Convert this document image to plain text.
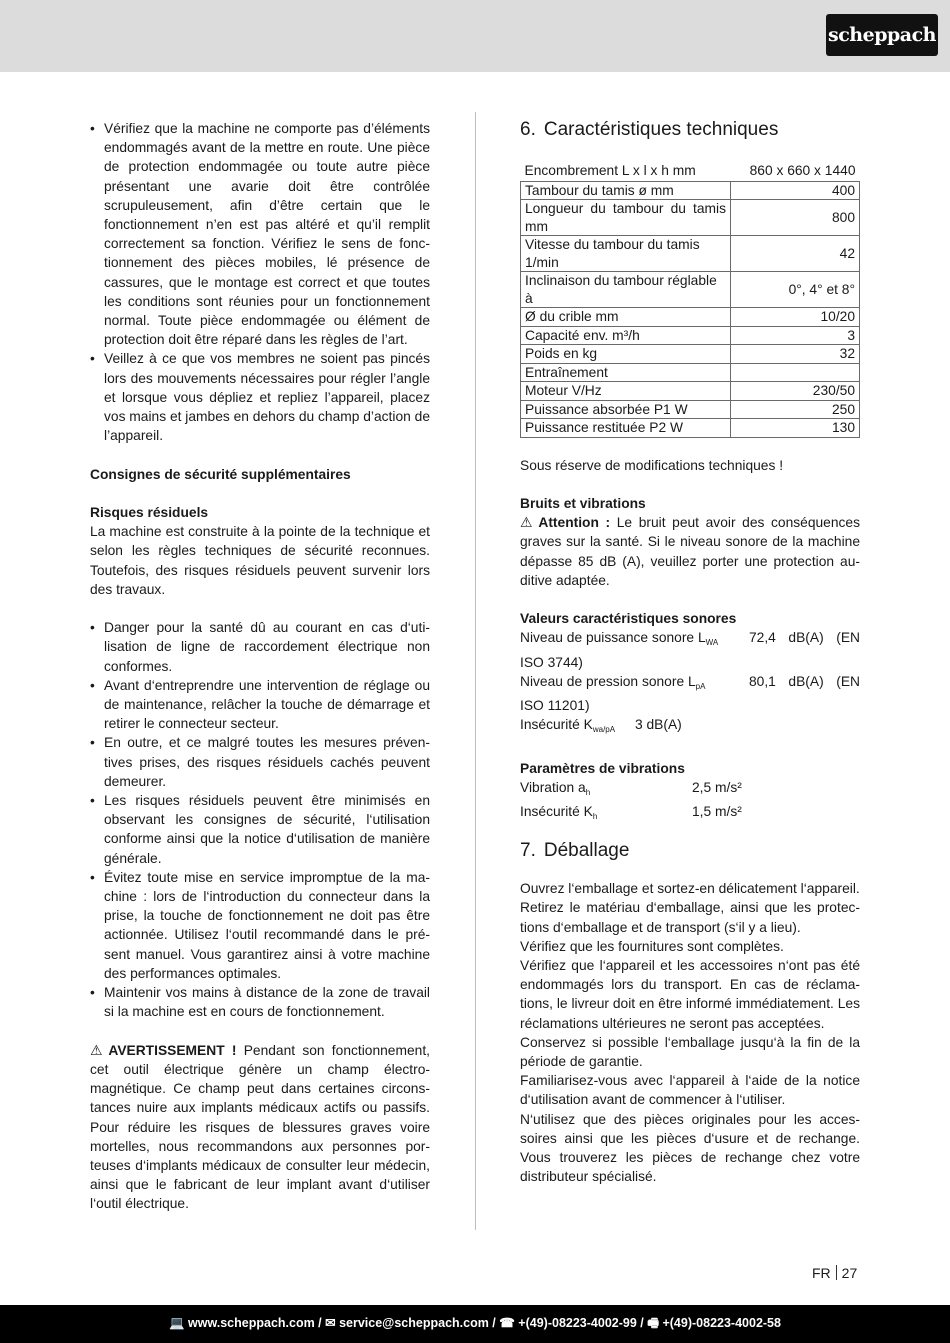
scheppach
• Vérifiez que la machine ne comporte pas d’éléments endommagés avant de la mettre en route. Une pièce de protection endommagée ou toute autre pièce présentant une avarie doit être contrôlée scrupuleusement, afin d’être certain que le fonctionnement n’en est pas altéré et qu’il remplit correctement sa fonction. Vérifiez le sens de fonctionnement des pièces mobiles, lé présence de cassures, que le montage est correct et que toutes les conditions sont réunies pour un fonctionnement normal. Toute pièce endommagée ou élément de protection doit être réparé dans les règles de l’art.
• Veillez à ce que vos membres ne soient pas pincés lors des mouvements nécessaires pour régler l’angle et lorsque vous dépliez et repliez l’appareil, placez vos mains et jambes en dehors du champ d’action de l’appareil.

Consignes de sécurité supplémentaires

Risques résiduels

La machine est construite à la pointe de la technique et selon les règles techniques de sécurité reconnues. Toutefois, des risques résiduels peuvent survenir lors des travaux.

• Danger pour la santé dû au courant en cas d‘utilisation de ligne de raccordement électrique non conformes.
• Avant d‘entreprendre une intervention de réglage ou de maintenance, relâcher la touche de démarrage et retirer le connecteur secteur.
• En outre, et ce malgré toutes les mesures préventives prises, des risques résiduels cachés peuvent demeurer.
• Les risques résiduels peuvent être minimisés en observant les consignes de sécurité, l‘utilisation conforme ainsi que la notice d‘utilisation de manière générale.
• Évitez toute mise en service impromptue de la machine : lors de l‘introduction du connecteur dans la prise, la touche de fonctionnement ne doit pas être actionnée. Utilisez l‘outil recommandé dans le présent manuel. Vous garantirez ainsi à votre machine des performances optimales.
• Maintenir vos mains à distance de la zone de travail si la machine est en cours de fonctionnement.

⚠ AVERTISSEMENT ! Pendant son fonctionnement, cet outil électrique génère un champ électromagnétique. Ce champ peut dans certaines circonstances nuire aux implants médicaux actifs ou passifs. Pour réduire les risques de blessures graves voire mortelles, nous recommandons aux personnes porteuses d‘implants médicaux de consulter leur médecin, ainsi que le fabricant de leur implant avant d‘utiliser l‘outil électrique.

6. Caractéristiques techniques
Encombrement L x l x h mm	860 x 660 x 1440
Tambour du tamis ø mm	400
Longueur du tambour du tamis mm	800
Vitesse du tambour du tamis 1/min	42
Inclinaison du tambour réglable à	0°, 4° et 8°
Ø du crible mm	10/20
Capacité env. m³/h	3
Poids en kg	32
Entraînement	
Moteur V/Hz	230/50
Puissance absorbée P1 W	250
Puissance restituée P2 W	130

Sous réserve de modifications techniques !

Bruits et vibrations

⚠ Attention : Le bruit peut avoir des conséquences graves sur la santé. Si le niveau sonore de la machine dépasse 85 dB (A), veuillez porter une protection auditive adaptée.

Valeurs caractéristiques sonores

Niveau de puissance sonore $L_{WA}$	72,4 dB(A) (EN

ISO 3744)

Niveau de pression sonore $L_{pA}$	80,1 dB(A) (EN

ISO 11201)

Insécurité $K_{wa/pA}$	3 dB(A)

Paramètres de vibrations

Vibration $a_h$	2,5 m/s²
Insécurité $K_h$	1,5 m/s²
7. Déballage

Ouvrez l‘emballage et sortez-en délicatement l‘appareil.

Retirez le matériau d‘emballage, ainsi que les protections d‘emballage et de transport (s‘il y a lieu).

Vérifiez que les fournitures sont complètes.

Vérifiez que l‘appareil et les accessoires n‘ont pas été endommagés lors du transport. En cas de réclamations, le livreur doit en être informé immédiatement. Les réclamations ultérieures ne seront pas acceptées.

Conservez si possible l‘emballage jusqu‘à la fin de la période de garantie.

Familiarisez-vous avec l‘appareil à l‘aide de la notice d‘utilisation avant de commencer à l‘utiliser.

N‘utilisez que des pièces originales pour les accessoires ainsi que les pièces d‘usure et de rechange. Vous trouverez les pièces de rechange chez votre distributeur spécialisé.

FR 27
💻 www.scheppach.com / ✉ service@scheppach.com / ☎ +(49)-08223-4002-99 / 🖷 +(49)-08223-4002-58
